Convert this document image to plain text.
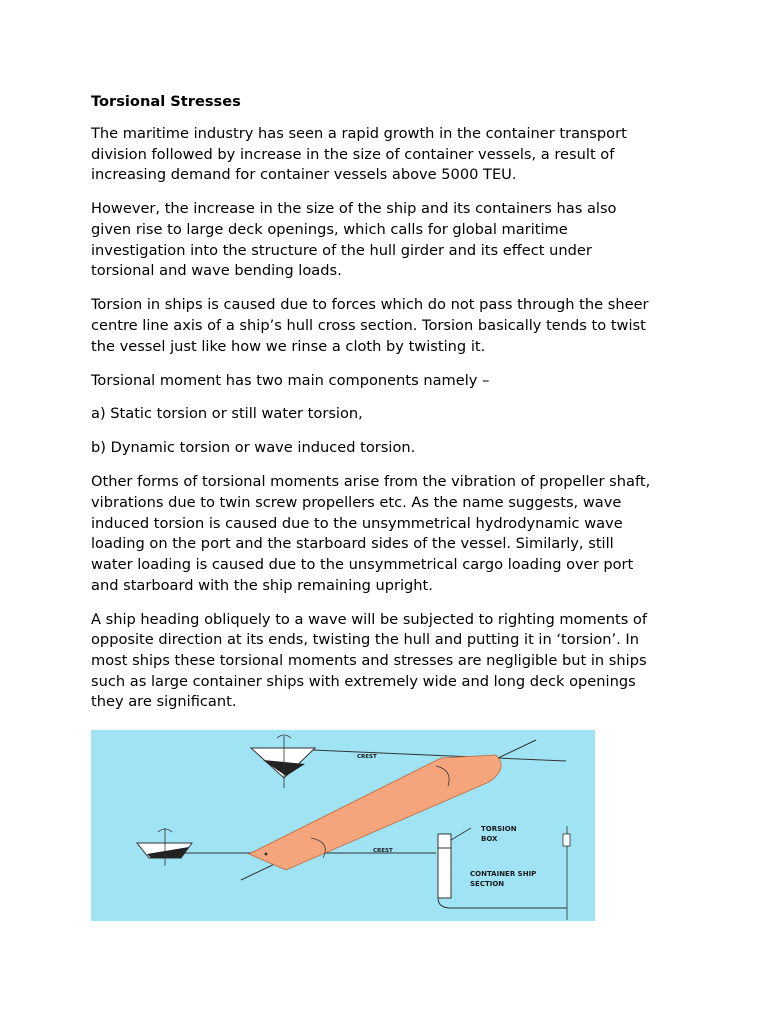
Torsional Stresses

The maritime industry has seen a rapid growth in the container transport
division followed by increase in the size of container vessels, a result of
increasing demand for container vessels above 5000 TEU.

However, the increase in the size of the ship and its containers has also
given rise to large deck openings, which calls for global maritime
investigation into the structure of the hull girder and its effect under
torsional and wave bending loads.

Torsion in ships is caused due to forces which do not pass through the sheer
centre line axis of a ship’s hull cross section. Torsion basically tends to twist
the vessel just like how we rinse a cloth by twisting it.

Torsional moment has two main components namely –

a) Static torsion or still water torsion,

b) Dynamic torsion or wave induced torsion.

Other forms of torsional moments arise from the vibration of propeller shaft,
vibrations due to twin screw propellers etc. As the name suggests, wave
induced torsion is caused due to the unsymmetrical hydrodynamic wave
loading on the port and the starboard sides of the vessel. Similarly, still
water loading is caused due to the unsymmetrical cargo loading over port
and starboard with the ship remaining upright.

A ship heading obliquely to a wave will be subjected to righting moments of
opposite direction at its ends, twisting the hull and putting it in ‘torsion’. In
most ships these torsional moments and stresses are negligible but in ships
such as large container ships with extremely wide and long deck openings
they are significant.

CREST
CREST
TORSION
BOX
CONTAINER SHIP
SECTION
